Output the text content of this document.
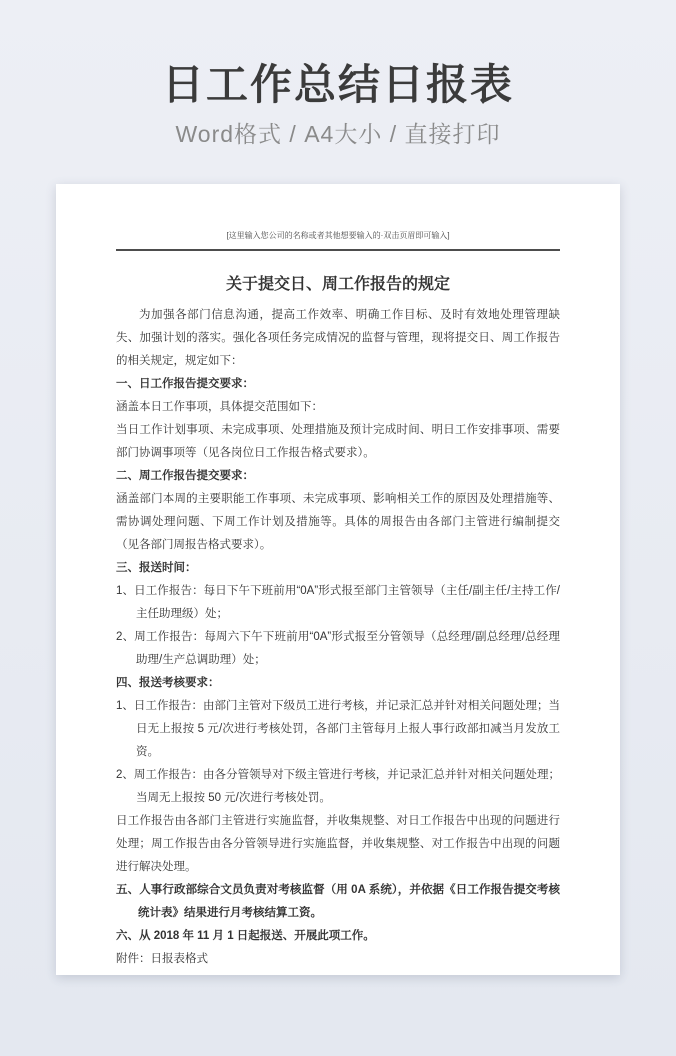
日工作总结日报表
Word格式 / A4大小 / 直接打印
[这里输入您公司的名称或者其他想要输入的·双击页眉即可输入]
关于提交日、周工作报告的规定

为加强各部门信息沟通，提高工作效率、明确工作目标、及时有效地处理管理缺失、加强计划的落实。强化各项任务完成情况的监督与管理，现将提交日、周工作报告的相关规定，规定如下：

一、日工作报告提交要求：

涵盖本日工作事项，具体提交范围如下：

当日工作计划事项、未完成事项、处理措施及预计完成时间、明日工作安排事项、需要部门协调事项等（见各岗位日工作报告格式要求）。

二、周工作报告提交要求：

涵盖部门本周的主要职能工作事项、未完成事项、影响相关工作的原因及处理措施等、需协调处理问题、下周工作计划及措施等。具体的周报告由各部门主管进行编制提交（见各部门周报告格式要求）。

三、报送时间：

1、日工作报告：每日下午下班前用“0A”形式报至部门主管领导（主任/副主任/主持工作/主任助理级）处；

2、周工作报告：每周六下午下班前用“0A”形式报至分管领导（总经理/副总经理/总经理助理/生产总调助理）处；

四、报送考核要求：

1、日工作报告：由部门主管对下级员工进行考核，并记录汇总并针对相关问题处理；当日无上报按 5 元/次进行考核处罚，各部门主管每月上报人事行政部扣减当月发放工资。

2、周工作报告：由各分管领导对下级主管进行考核，并记录汇总并针对相关问题处理；当周无上报按 50 元/次进行考核处罚。

日工作报告由各部门主管进行实施监督，并收集规整、对日工作报告中出现的问题进行处理；周工作报告由各分管领导进行实施监督，并收集规整、对工作报告中出现的问题进行解决处理。

五、人事行政部综合文员负责对考核监督（用 0A 系统），并依据《日工作报告提交考核统计表》结果进行月考核结算工资。

六、从 2018 年 11 月 1 日起报送、开展此项工作。

附件：日报表格式
